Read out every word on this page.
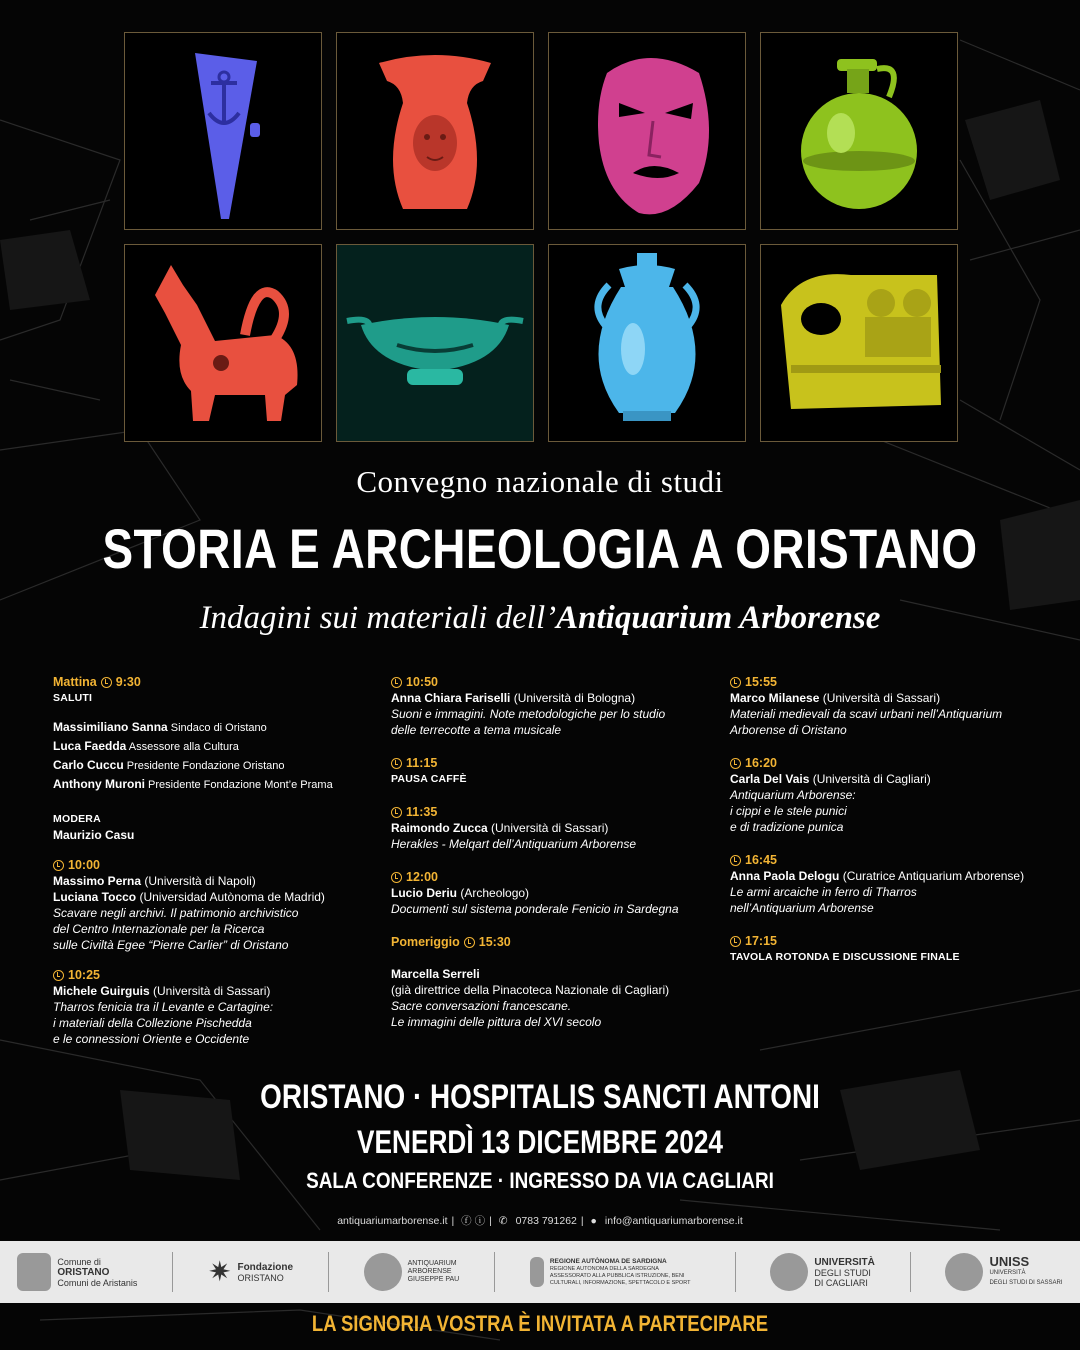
Convegno nazionale di studi
STORIA E ARCHEOLOGIA A ORISTANO
Indagini sui materiali dell’Antiquarium Arborense
Mattina 9:30
SALUTI
Massimiliano Sanna Sindaco di Oristano
Luca Faedda Assessore alla Cultura
Carlo Cuccu Presidente Fondazione Oristano
Anthony Muroni Presidente Fondazione Mont’e Prama
MODERA
Maurizio Casu
10:00
Massimo Perna (Università di Napoli)
Luciana Tocco (Universidad Autònoma de Madrid)
Scavare negli archivi. Il patrimonio archivistico
del Centro Internazionale per la Ricerca
sulle Civiltà Egee “Pierre Carlier” di Oristano
10:25
Michele Guirguis (Università di Sassari)
Tharros fenicia tra il Levante e Cartagine:
i materiali della Collezione Pischedda
e le connessioni Oriente e Occidente
10:50
Anna Chiara Fariselli (Università di Bologna)
Suoni e immagini. Note metodologiche per lo studio
delle terrecotte a tema musicale
11:15
PAUSA CAFFÈ
11:35
Raimondo Zucca (Università di Sassari)
Herakles - Melqart dell’Antiquarium Arborense
12:00
Lucio Deriu (Archeologo)
Documenti sul sistema ponderale Fenicio in Sardegna
Pomeriggio 15:30
Marcella Serreli
(già direttrice della Pinacoteca Nazionale di Cagliari)
Sacre conversazioni francescane.
Le immagini delle pittura del XVI secolo
15:55
Marco Milanese (Università di Sassari)
Materiali medievali da scavi urbani nell’Antiquarium
Arborense di Oristano
16:20
Carla Del Vais (Università di Cagliari)
Antiquarium Arborense:
i cippi e le stele punici
e di tradizione punica
16:45
Anna Paola Delogu (Curatrice Antiquarium Arborense)
Le armi arcaiche in ferro di Tharros
nell’Antiquarium Arborense
17:15
TAVOLA ROTONDA E DISCUSSIONE FINALE
ORISTANO · HOSPITALIS SANCTI ANTONI
VENERDÌ 13 DICEMBRE 2024
SALA CONFERENZE · INGRESSO DA VIA CAGLIARI
antiquariumarborense.it | ⓕ ⓘ | ✆ 0783 791262 | ● info@antiquariumarborense.it
Comune di
ORISTANO
Comuni de Aristanis	✷ Fondazione
ORISTANO
ANTIQUARIUM
ARBORENSE
GIUSEPPE PAU
REGIONE AUTÒNOMA DE SARDIGNA
REGIONE AUTONOMA DELLA SARDEGNA
ASSESSORATO ALLA PUBBLICA ISTRUZIONE, BENI CULTURALI, INFORMAZIONE, SPETTACOLO E SPORT
UNIVERSITÀ
DEGLI STUDI
DI CAGLIARI
UNISS
UNIVERSITÀ
DEGLI STUDI DI SASSARI
LA SIGNORIA VOSTRA È INVITATA A PARTECIPARE
